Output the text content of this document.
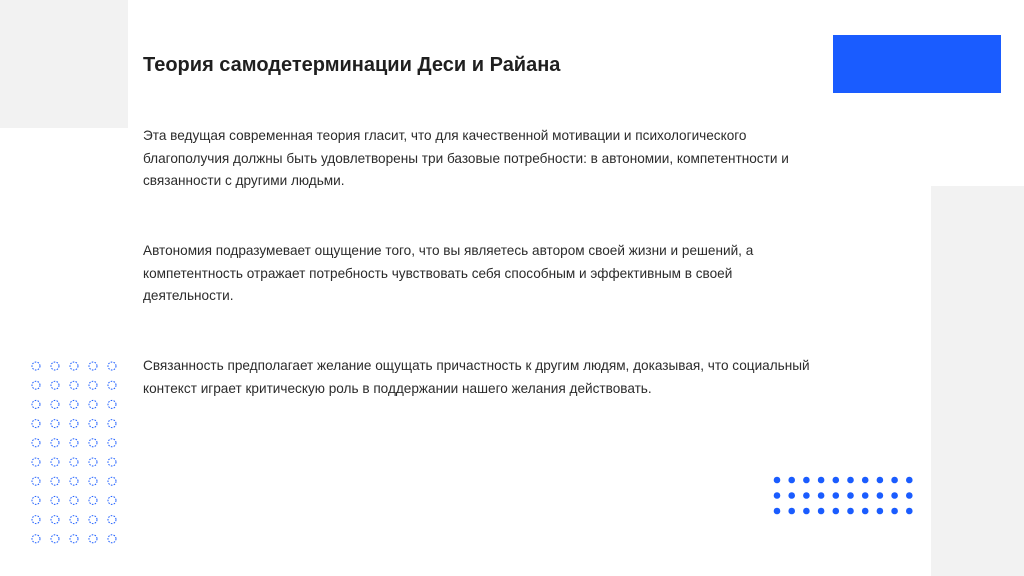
Теория самодетерминации Деси и Райана

Эта ведущая современная теория гласит, что для качественной мотивации и психологического благополучия должны быть удовлетворены три базовые потребности: в автономии, компетентности и связанности с другими людьми.

Автономия подразумевает ощущение того, что вы являетесь автором своей жизни и решений, а компетентность отражает потребность чувствовать себя способным и эффективным в своей деятельности.

Связанность предполагает желание ощущать причастность к другим людям, доказывая, что социальный контекст играет критическую роль в поддержании нашего желания действовать.
